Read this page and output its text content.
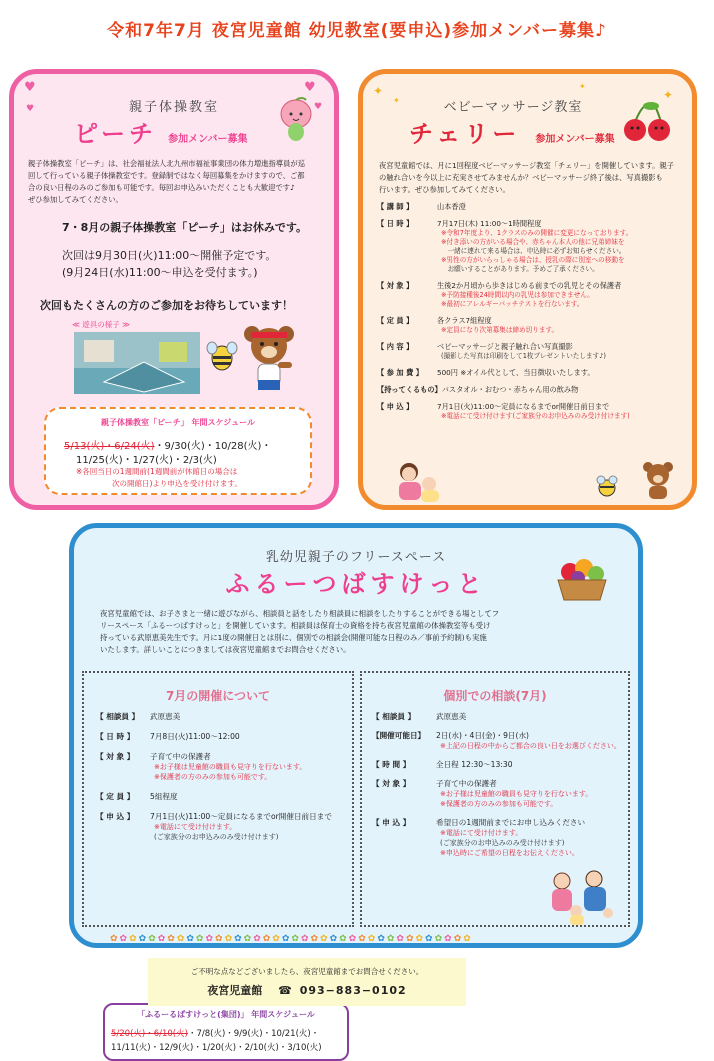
令和7年7月 夜宮児童館 幼児教室(要申込)参加メンバー募集♪
♥	♥
♥	♥
親子体操教室
ピーチ 参加メンバー募集
親子体操教室「ピーチ」は、社会福祉法人北九州市福祉事業団の体力増進指導員が巡
回して行っている親子体操教室です。登録制ではなく毎回募集をかけますので、ご都
合の良い日程のみのご参加も可能です。毎回お申込みいただくことも大歓迎です♪
ぜひ参加してみてください。
7・8月の親子体操教室「ピーチ」はお休みです。
次回は9月30日(火)11:00〜開催予定です。
(9月24日(水)11:00〜申込を受付ます。)
次回もたくさんの方のご参加をお待ちしています！
≪ 遊具の様子 ≫
親子体操教室「ピーチ」 年間スケジュール
5/13(火)・6/24(火)・9/30(火)・10/28(火)・
11/25(火)・1/27(火)・2/3(火)
※各回当日の1週間前(1週間前が休館日の場合は
次の開館日)より申込を受け付けます。
✦
✦	✦
✦
ベビーマッサージ教室
チェリー 参加メンバー募集
夜宮児童館では、月に1回程度ベビーマッサージ教室「チェリー」を開催しています。親子
の触れ合いを今以上に充実させてみませんか？ベビーマッサージ終了後は、写真撮影も
行います。ぜひ参加してみてください。
【 講 師 】	山本香澄
【 日 時 】	7月17日(木) 11:00〜1時間程度
※令和7年度より、1クラスのみの開催に変更になっております。
※付き添いの方がいる場合や、赤ちゃん本人の他に兄弟姉妹を
　一緒に連れて来る場合は、申込時に必ずお知らせください。
※男性の方がいらっしゃる場合は、授乳の際に別室への移動を
　お願いすることがあります。予めご了承ください。
【 対 象 】	生後2か月頃から歩きはじめる前までの乳児とその保護者
※予防接種後24時間以内の乳児は参加できません。
※最初にアレルギーパッチテストを行ないます。
【 定 員 】	各クラス7組程度
※定員になり次第募集は締め切ります。
【 内 容 】	ベビーマッサージと親子触れ合い写真撮影
(撮影した写真は印刷をして1枚プレゼントいたします♪)
【 参 加 費 】 500円 ※オイル代として、当日徴収いたします。
【持ってくるもの】バスタオル・おむつ・赤ちゃん用の飲み物
【 申 込 】	7月1日(火)11:00〜定員になるまでor開催日前日まで
※電話にて受け付けます(ご家族分のお申込みのみ受け付けます)
乳幼児親子のフリースペース
ふるーつばすけっと
夜宮児童館では、お子さまと一緒に遊びながら、相談員と話をしたり相談員に相談をしたりすることができる場としてフ
リースペース「ふるーつばすけっと」を開催しています。相談員は保育士の資格を持ち夜宮児童館の体操教室等も受け
持っている武原恵美先生です。月に1度の開催日とは別に、個別での相談会(開催可能な日程のみ／事前予約制)も実施
いたします。詳しいことにつきましては夜宮児童館までお問合せください。
7月の開催について
【 相談員 】 武原恵美
【 日 時 】 7月8日(火)11:00〜12:00
【 対 象 】 子育て中の保護者
※お子様は児童館の職員も見守りを行ないます。
※保護者の方のみの参加も可能です。
【 定 員 】 5組程度
【 申 込 】 7月1日(火)11:00〜定員になるまでor開催日前日まで
※電話にて受け付けます。
(ご家族分のお申込みのみ受け付けます)
「ふるーるばすけっと(集団)」 年間スケジュール
5/20(火)・6/10(火)・7/8(火)・9/9(火)・10/21(火)・
11/11(火)・12/9(火)・1/20(火)・2/10(火)・3/10(火)
個別での相談(7月)
【 相談員 】	武原恵美
【開催可能日】 2日(水)・4日(金)・9日(水)
※上記の日程の中からご都合の良い日をお選びください。
【 時 間 】	全日程 12:30〜13:30
【 対 象 】	子育て中の保護者
※お子様は児童館の職員も見守りを行ないます。
※保護者の方のみの参加も可能です。
【 申 込 】	希望日の1週間前までにお申し込みください
※電話にて受け付けます。
(ご家族分のお申込みのみ受け付けます)
※申込時にご希望の日程をお伝えください。
✿✿✿✿✿✿✿✿✿✿✿✿✿✿✿✿✿✿✿✿✿✿✿✿✿✿✿✿✿✿✿✿✿✿✿✿✿✿
ご不明な点などございましたら、夜宮児童館までお問合せください。
夜宮児童館 ☎ 093−883−0102
